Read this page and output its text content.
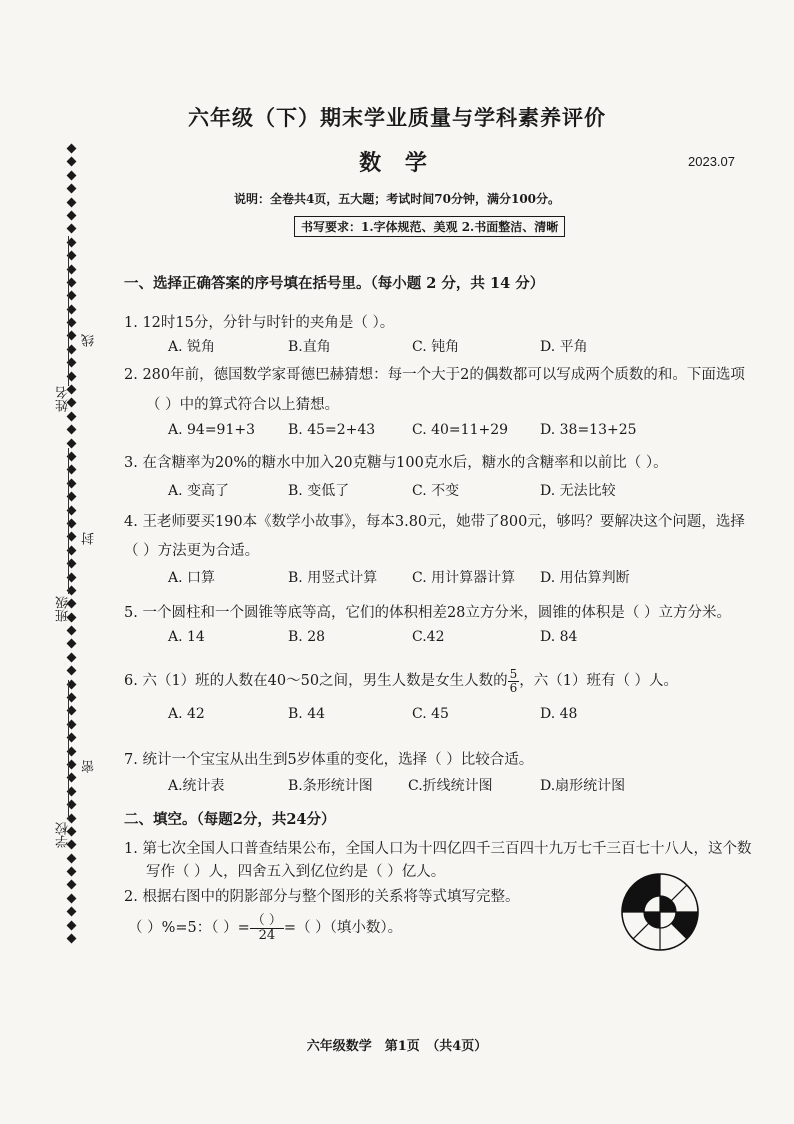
姓名
线
班级
封
学校
密
六年级（下）期末学业质量与学科素养评价
数 学	2023.07
说明：全卷共4页，五大题；考试时间70分钟，满分100分。
书写要求：1.字体规范、美观 2.书面整洁、清晰
一、选择正确答案的序号填在括号里。（每小题 2 分，共 14 分）
1. 12时15分，分针与时针的夹角是（ ）。
A. 锐角	B.直角	C. 钝角	D. 平角
2. 280年前，德国数学家哥德巴赫猜想：每一个大于2的偶数都可以写成两个质数的和。下面选项
（ ）中的算式符合以上猜想。
A. 94=91+3 B. 45=2+43	C. 40=11+29 D. 38=13+25
3. 在含糖率为20%的糖水中加入20克糖与100克水后，糖水的含糖率和以前比（ ）。
A. 变高了	B. 变低了	C. 不变	D. 无法比较
4. 王老师要买190本《数学小故事》，每本3.80元，她带了800元，够吗？要解决这个问题，选择
（ ）方法更为合适。
A. 口算	B. 用竖式计算 C. 用计算器计算 D. 用估算判断
5. 一个圆柱和一个圆锥等底等高，它们的体积相差28立方分米，圆锥的体积是（ ）立方分米。
A. 14	B. 28	C.42	D. 84
6. 六（1）班的人数在40～50之间，男生人数是女生人数的 $\frac{5}{6}$ ，六（1）班有（ ）人。
A. 42	B. 44	C. 45	D. 48
7. 统计一个宝宝从出生到5岁体重的变化，选择（ ）比较合适。
A.统计表	B.条形统计图	C.折线统计图	D.扇形统计图
二、填空。（每题2分，共24分）
1. 第七次全国人口普查结果公布，全国人口为十四亿四千三百四十九万七千三百七十八人，这个数
写作（ ）人，四舍五入到亿位约是（ ）亿人。
2. 根据右图中的阴影部分与整个图形的关系将等式填写完整。
（ ）%=5：（ ）= $\frac{( )}{24}$ =（ ）（填小数）。
六年级数学　第1页　（共4页）
